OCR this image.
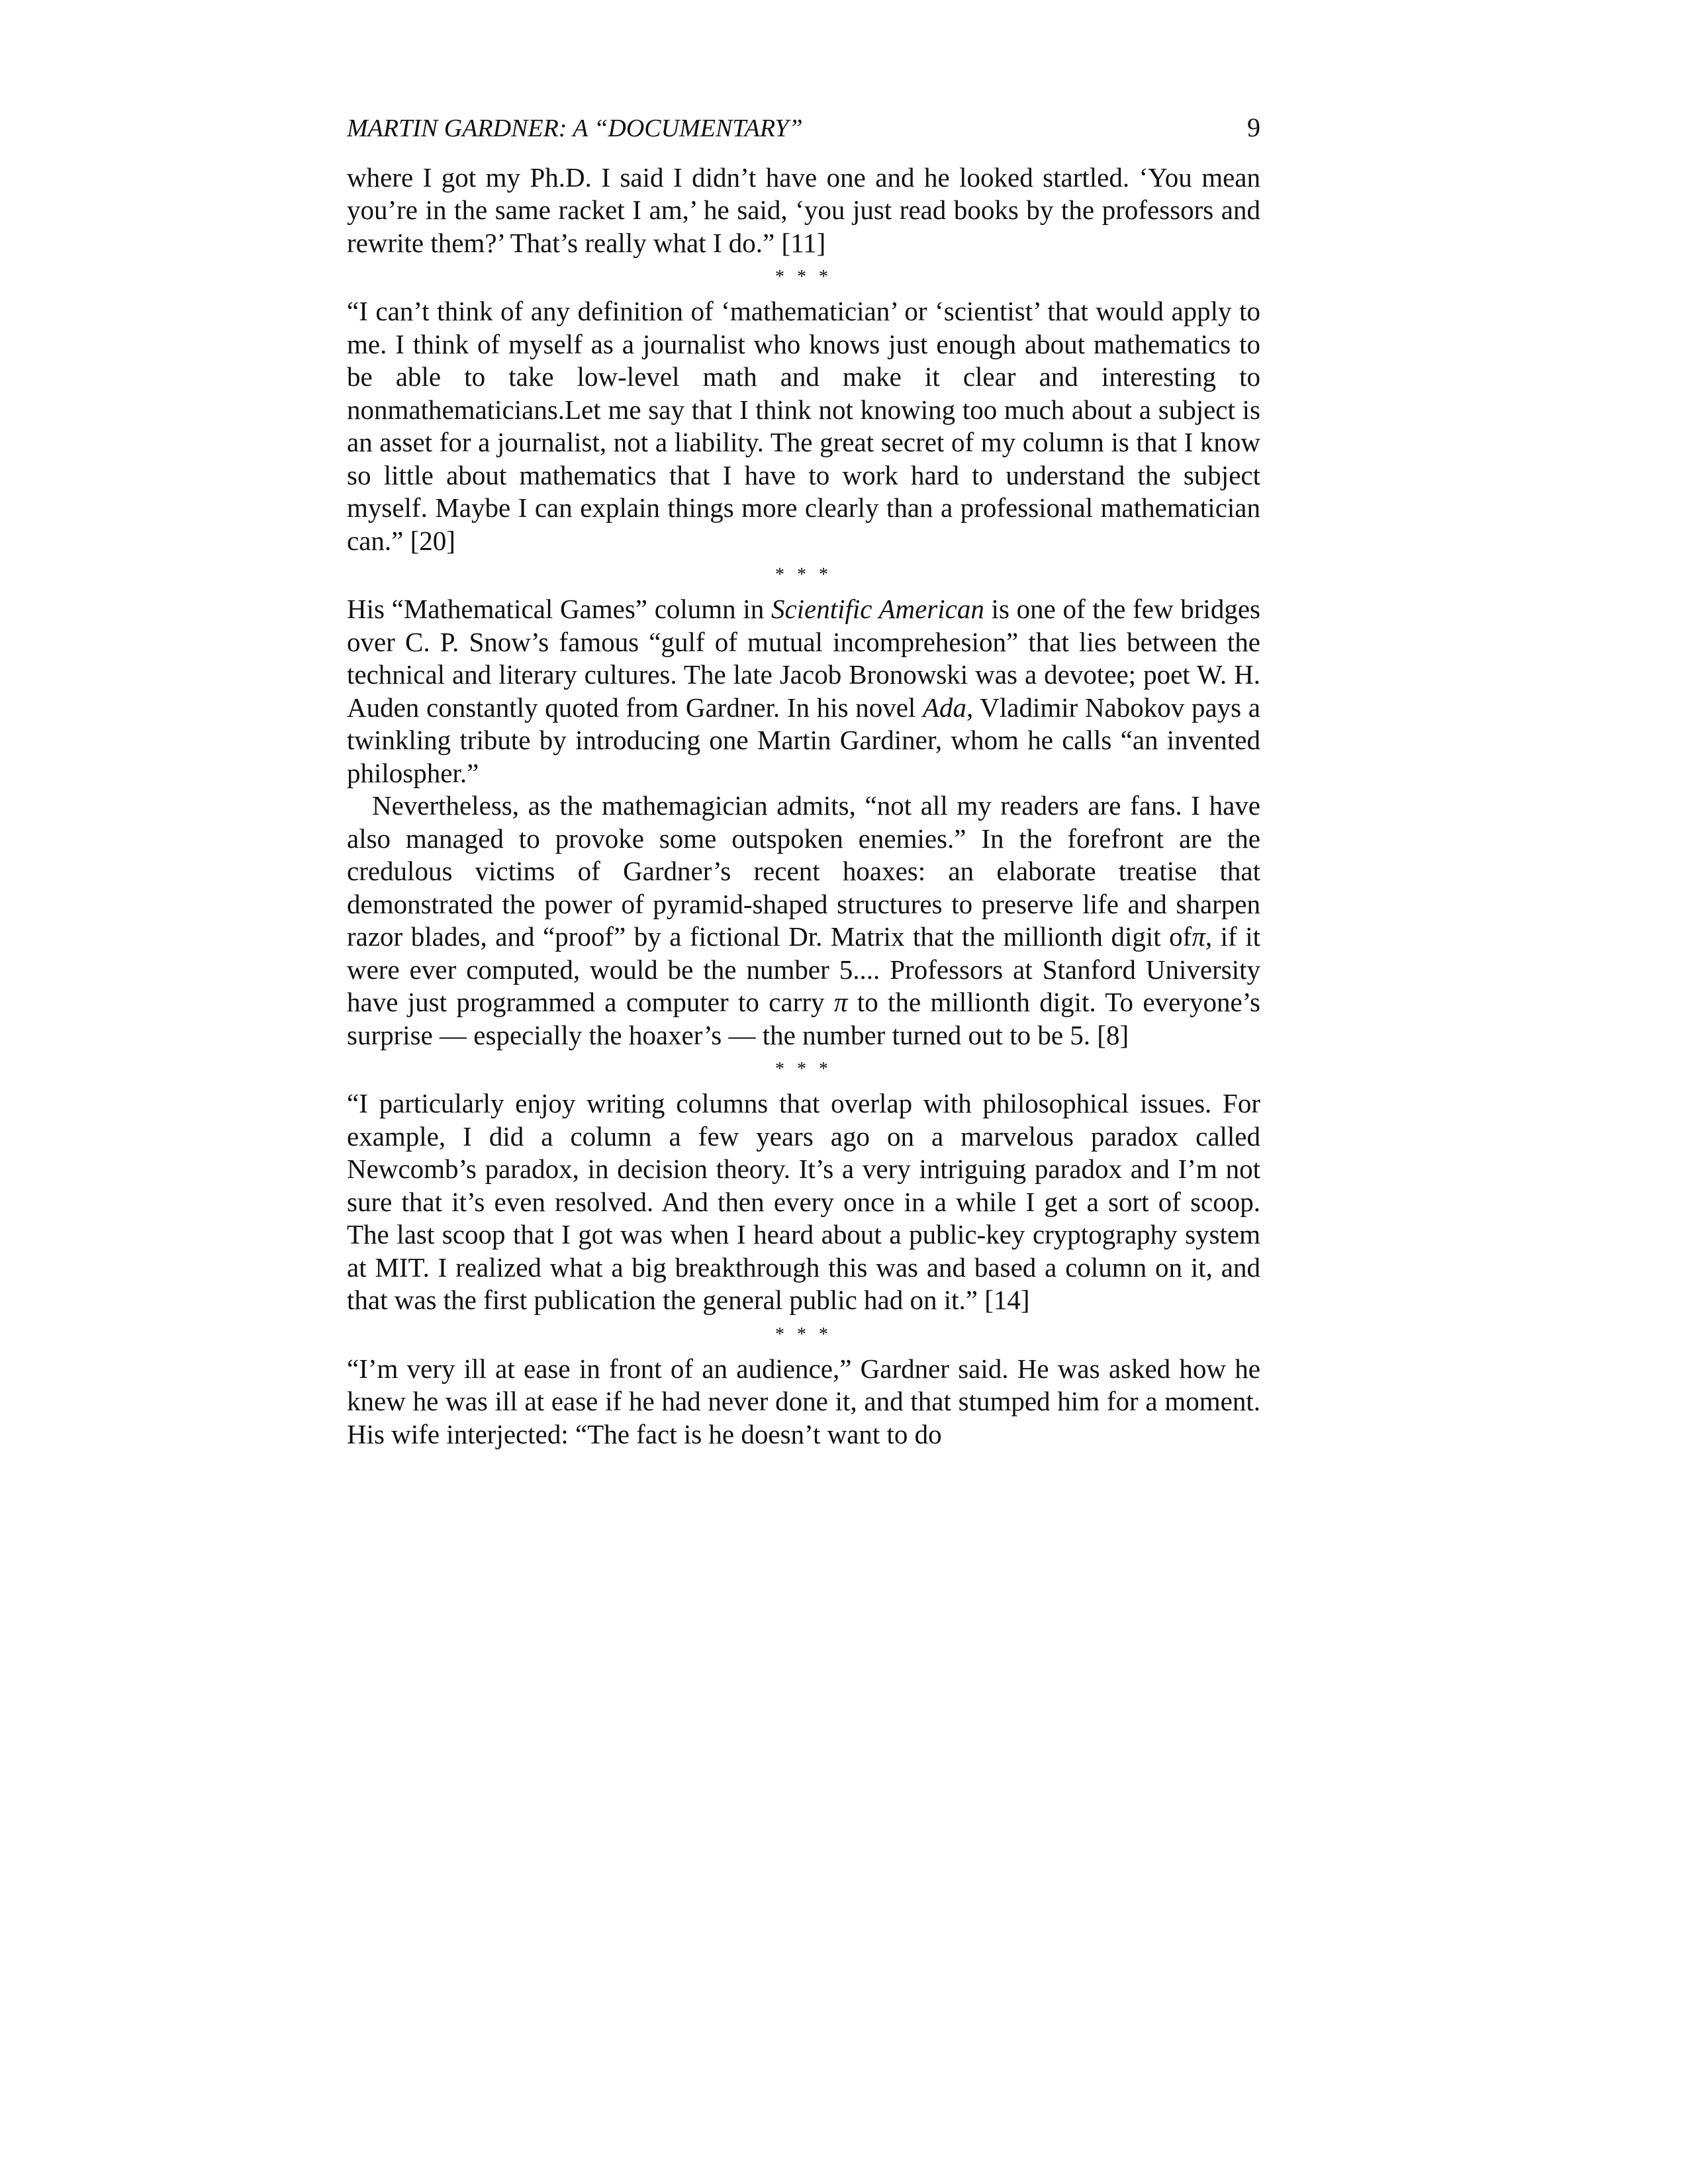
MARTIN GARDNER: A “DOCUMENTARY”	9

where I got my Ph.D. I said I didn’t have one and he looked startled. ‘You mean you’re in the same racket I am,’ he said, ‘you just read books by the professors and rewrite them?’ That’s really what I do.” [11]

* * *

“I can’t think of any definition of ‘mathematician’ or ‘scientist’ that would apply to me. I think of myself as a journalist who knows just enough about mathematics to be able to take low-level math and make it clear and interesting to nonmathematicians.Let me say that I think not knowing too much about a subject is an asset for a journalist, not a liability. The great secret of my column is that I know so little about mathematics that I have to work hard to understand the subject myself. Maybe I can explain things more clearly than a professional mathematician can.” [20]

* * *

His “Mathematical Games” column in Scientific American is one of the few bridges over C. P. Snow’s famous “gulf of mutual incomprehesion” that lies between the technical and literary cultures. The late Jacob Bronowski was a devotee; poet W. H. Auden constantly quoted from Gardner. In his novel Ada, Vladimir Nabokov pays a twinkling tribute by introducing one Martin Gardiner, whom he calls “an invented philospher.”

Nevertheless, as the mathemagician admits, “not all my readers are fans. I have also managed to provoke some outspoken enemies.” In the forefront are the credulous victims of Gardner’s recent hoaxes: an elaborate treatise that demonstrated the power of pyramid-shaped structures to preserve life and sharpen razor blades, and “proof” by a fictional Dr. Matrix that the millionth digit ofπ, if it were ever computed, would be the number 5.... Professors at Stanford University have just programmed a computer to carry π to the millionth digit. To everyone’s surprise — especially the hoaxer’s — the number turned out to be 5. [8]

* * *

“I particularly enjoy writing columns that overlap with philosophical issues. For example, I did a column a few years ago on a marvelous paradox called Newcomb’s paradox, in decision theory. It’s a very intriguing paradox and I’m not sure that it’s even resolved. And then every once in a while I get a sort of scoop. The last scoop that I got was when I heard about a public-key cryptography system at MIT. I realized what a big breakthrough this was and based a column on it, and that was the first publication the general public had on it.” [14]

* * *

“I’m very ill at ease in front of an audience,” Gardner said. He was asked how he knew he was ill at ease if he had never done it, and that stumped him for a moment. His wife interjected: “The fact is he doesn’t want to do
